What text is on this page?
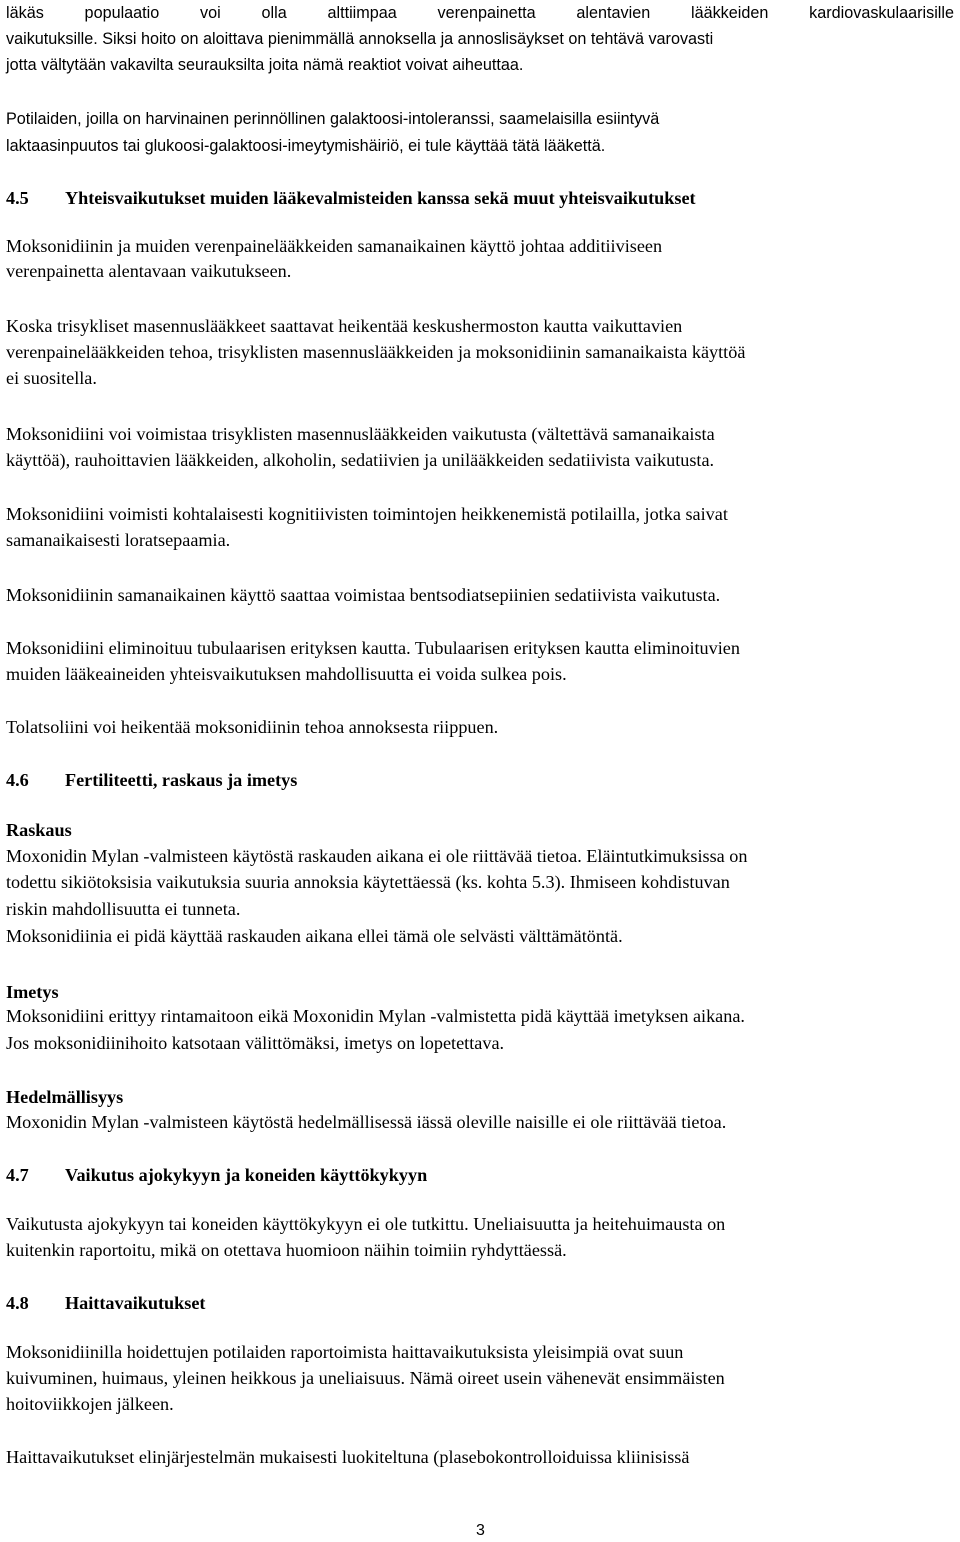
läkäs populaatio voi olla alttiimpaa verenpainetta alentavien lääkkeiden kardiovaskulaarisille
vaikutuksille. Siksi hoito on aloittava pienimmällä annoksella ja annoslisäykset on tehtävä varovasti
jotta vältytään vakavilta seurauksilta joita nämä reaktiot voivat aiheuttaa.
Potilaiden, joilla on harvinainen perinnöllinen galaktoosi-intoleranssi, saamelaisilla esiintyvä
laktaasinpuutos tai glukoosi-galaktoosi-imeytymishäiriö, ei tule käyttää tätä lääkettä.
4.5 Yhteisvaikutukset muiden lääkevalmisteiden kanssa sekä muut yhteisvaikutukset
Moksonidiinin ja muiden verenpainelääkkeiden samanaikainen käyttö johtaa additiiviseen
verenpainetta alentavaan vaikutukseen.
Koska trisykliset masennuslääkkeet saattavat heikentää keskushermoston kautta vaikuttavien
verenpainelääkkeiden tehoa, trisyklisten masennuslääkkeiden ja moksonidiinin samanaikaista käyttöä
ei suositella.
Moksonidiini voi voimistaa trisyklisten masennuslääkkeiden vaikutusta (vältettävä samanaikaista
käyttöä), rauhoittavien lääkkeiden, alkoholin, sedatiivien ja unilääkkeiden sedatiivista vaikutusta.
Moksonidiini voimisti kohtalaisesti kognitiivisten toimintojen heikkenemistä potilailla, jotka saivat
samanaikaisesti loratsepaamia.
Moksonidiinin samanaikainen käyttö saattaa voimistaa bentsodiatsepiinien sedatiivista vaikutusta.
Moksonidiini eliminoituu tubulaarisen erityksen kautta. Tubulaarisen erityksen kautta eliminoituvien
muiden lääkeaineiden yhteisvaikutuksen mahdollisuutta ei voida sulkea pois.
Tolatsoliini voi heikentää moksonidiinin tehoa annoksesta riippuen.
4.6 Fertiliteetti, raskaus ja imetys
Raskaus
Moxonidin Mylan -valmisteen käytöstä raskauden aikana ei ole riittävää tietoa. Eläintutkimuksissa on
todettu sikiötoksisia vaikutuksia suuria annoksia käytettäessä (ks. kohta 5.3). Ihmiseen kohdistuvan
riskin mahdollisuutta ei tunneta.
Moksonidiinia ei pidä käyttää raskauden aikana ellei tämä ole selvästi välttämätöntä.
Imetys
Moksonidiini erittyy rintamaitoon eikä Moxonidin Mylan -valmistetta pidä käyttää imetyksen aikana.
Jos moksonidiinihoito katsotaan välittömäksi, imetys on lopetettava.
Hedelmällisyys
Moxonidin Mylan -valmisteen käytöstä hedelmällisessä iässä oleville naisille ei ole riittävää tietoa.
4.7 Vaikutus ajokykyyn ja koneiden käyttökykyyn
Vaikutusta ajokykyyn tai koneiden käyttökykyyn ei ole tutkittu. Uneliaisuutta ja heitehuimausta on
kuitenkin raportoitu, mikä on otettava huomioon näihin toimiin ryhdyttäessä.
4.8 Haittavaikutukset
Moksonidiinilla hoidettujen potilaiden raportoimista haittavaikutuksista yleisimpiä ovat suun
kuivuminen, huimaus, yleinen heikkous ja uneliaisuus. Nämä oireet usein vähenevät ensimmäisten
hoitoviikkojen jälkeen.
Haittavaikutukset elinjärjestelmän mukaisesti luokiteltuna (plasebokontrolloiduissa kliinisissä
3
